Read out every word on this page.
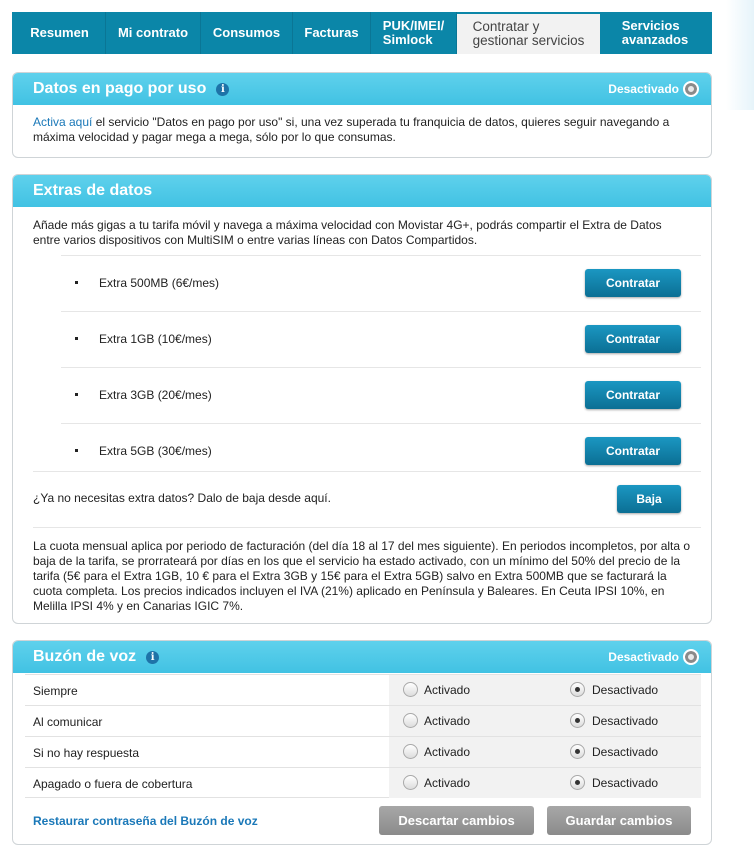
Resumen Mi contrato Consumos Facturas PUK/IMEI/
Simlock
Contratar y
gestionar servicios
Servicios
avanzados
Datos en pago por uso	i	Desactivado
Activa aquí el servicio "Datos en pago por uso" si, una vez superada tu franquicia de datos, quieres seguir navegando a máxima velocidad y pagar mega a mega, sólo por lo que consumas.
Extras de datos
Añade más gigas a tu tarifa móvil y navega a máxima velocidad con Movistar 4G+, podrás compartir el Extra de Datos entre varios dispositivos con MultiSIM o entre varias líneas con Datos Compartidos.
Extra 500MB (6€/mes)	Contratar
Extra 1GB (10€/mes)	Contratar
Extra 3GB (20€/mes)	Contratar
Extra 5GB (30€/mes)	Contratar
¿Ya no necesitas extra datos? Dalo de baja desde aquí.	Baja
La cuota mensual aplica por periodo de facturación (del día 18 al 17 del mes siguiente). En periodos incompletos, por alta o baja de la tarifa, se prorrateará por días en los que el servicio ha estado activado, con un mínimo del 50% del precio de la tarifa (5€ para el Extra 1GB, 10 € para el Extra 3GB y 15€ para el Extra 5GB) salvo en Extra 500MB que se facturará la cuota completa. Los precios indicados incluyen el IVA (21%) aplicado en Península y Baleares. En Ceuta IPSI 10%, en Melilla IPSI 4% y en Canarias IGIC 7%.
Buzón de voz	i	Desactivado
Siempre	Activado	Desactivado
Al comunicar	Activado	Desactivado
Si no hay respuesta	Activado	Desactivado
Apagado o fuera de cobertura	Activado	Desactivado
Restaurar contraseña del Buzón de voz	Descartar cambios	Guardar cambios
